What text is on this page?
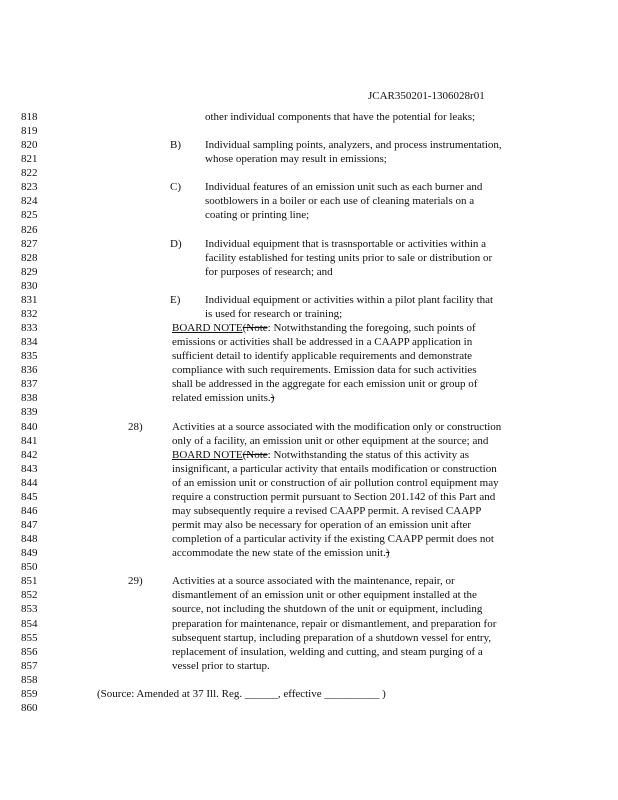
JCAR350201-1306028r01
818	other individual components that have the potential for leaks;
819
820	B) Individual sampling points, analyzers, and process instrumentation,
821	whose operation may result in emissions;
822
823	C) Individual features of an emission unit such as each burner and
824	sootblowers in a boiler or each use of cleaning materials on a
825	coating or printing line;
826
827	D) Individual equipment that is trasnsportable or activities within a
828	facility established for testing units prior to sale or distribution or
829	for purposes of research; and
830
831	E) Individual equipment or activities within a pilot plant facility that
832	is used for research or training;
833	BOARD NOTE(Note: Notwithstanding the foregoing, such points of
834	emissions or activities shall be addressed in a CAAPP application in
835	sufficient detail to identify applicable requirements and demonstrate
836	compliance with such requirements. Emission data for such activities
837	shall be addressed in the aggregate for each emission unit or group of
838	related emission units.)
839
840	28)	Activities at a source associated with the modification only or construction
841	only of a facility, an emission unit or other equipment at the source; and
842	BOARD NOTE(Note: Notwithstanding the status of this activity as
843	insignificant, a particular activity that entails modification or construction
844	of an emission unit or construction of air pollution control equipment may
845	require a construction permit pursuant to Section 201.142 of this Part and
846	may subsequently require a revised CAAPP permit. A revised CAAPP
847	permit may also be necessary for operation of an emission unit after
848	completion of a particular activity if the existing CAAPP permit does not
849	accommodate the new state of the emission unit.)
850
851	29)	Activities at a source associated with the maintenance, repair, or
852	dismantlement of an emission unit or other equipment installed at the
853	source, not including the shutdown of the unit or equipment, including
854	preparation for maintenance, repair or dismantlement, and preparation for
855	subsequent startup, including preparation of a shutdown vessel for entry,
856	replacement of insulation, welding and cutting, and steam purging of a
857	vessel prior to startup.
858
859	(Source: Amended at 37 Ill. Reg. ______, effective __________ )
860
